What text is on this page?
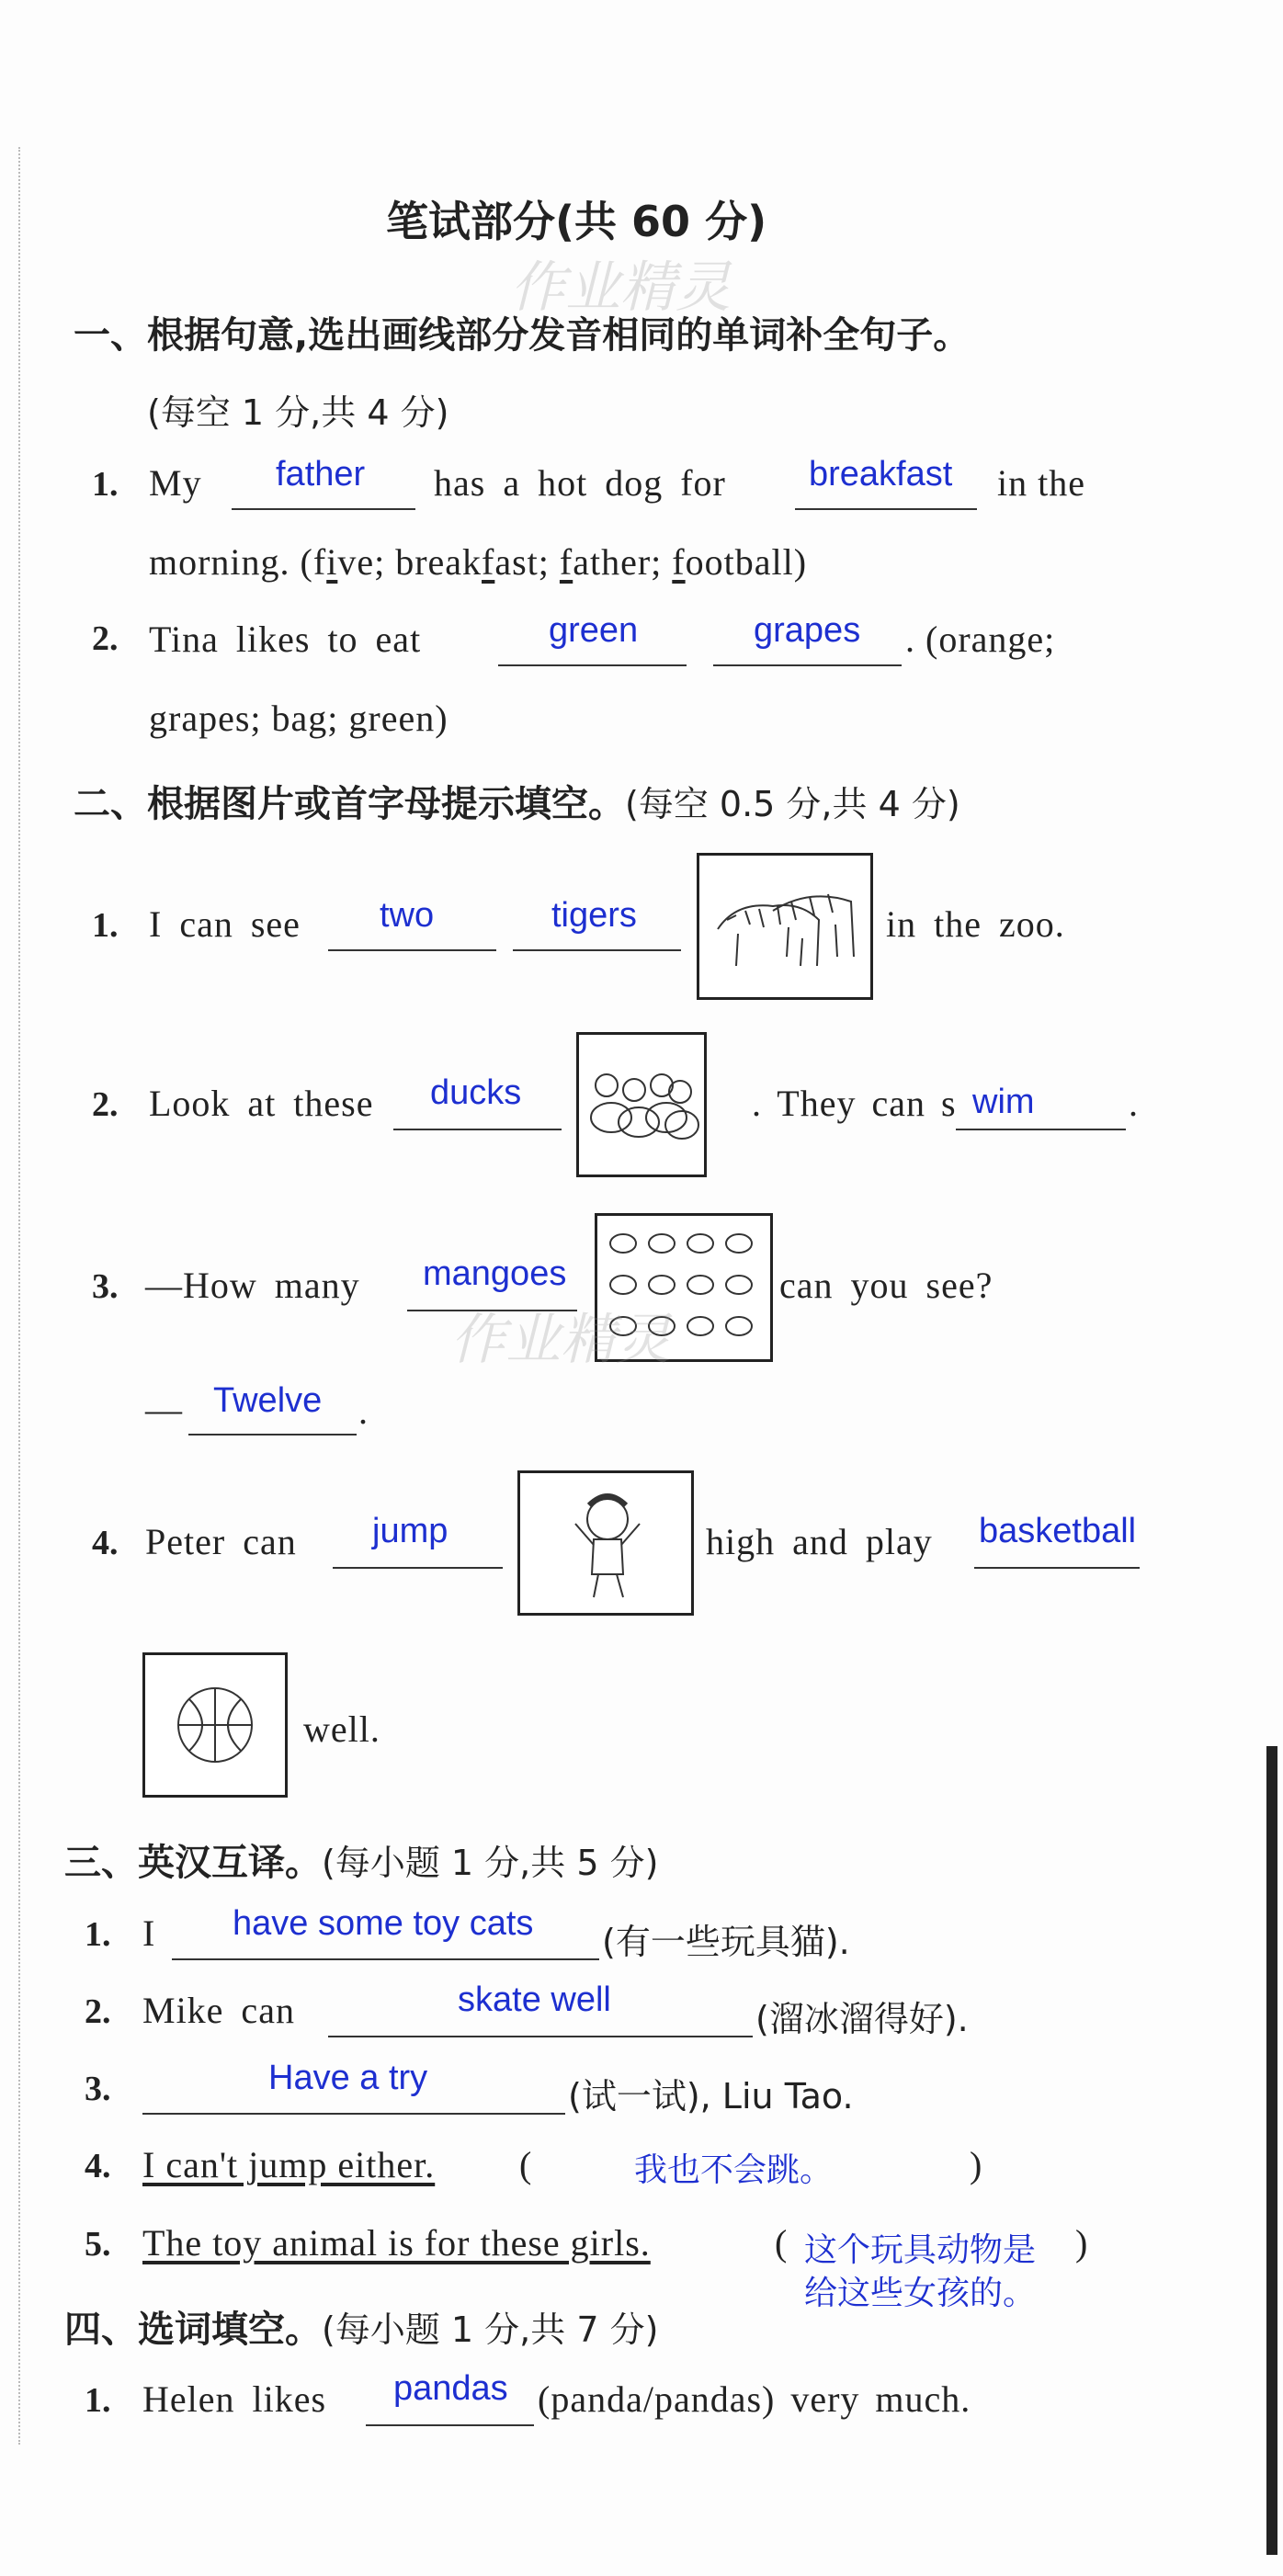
笔试部分(共 60 分)
作业精灵
一、根据句意,选出画线部分发音相同的单词补全句子。
(每空 1 分,共 4 分)
1. My father has a hot dog for breakfast in the
morning. (five; breakfast; father; football)
2. Tina likes to eat	green	grapes . (orange;
grapes; bag; green)
二、根据图片或首字母提示填空。(每空 0.5 分,共 4 分)
1. I can see two	tigers	in the zoo.
2. Look at these ducks	. They can s wim	.
3. —How many mangoes	can you see?
作业精灵
— Twelve .
4. Peter can jump	high and play basketball
well.
三、英汉互译。(每小题 1 分,共 5 分)
1. I have some toy cats (有一些玩具猫).
2. Mike can	skate well	(溜冰溜得好).
3.	Have a try	(试一试), Liu Tao.
4. I can't jump either. (	我也不会跳。	)
5. The toy animal is for these girls.	( 这个玩具动物是 )
给这些女孩的。
四、选词填空。(每小题 1 分,共 7 分)
1. Helen likes pandas (panda/pandas) very much.
